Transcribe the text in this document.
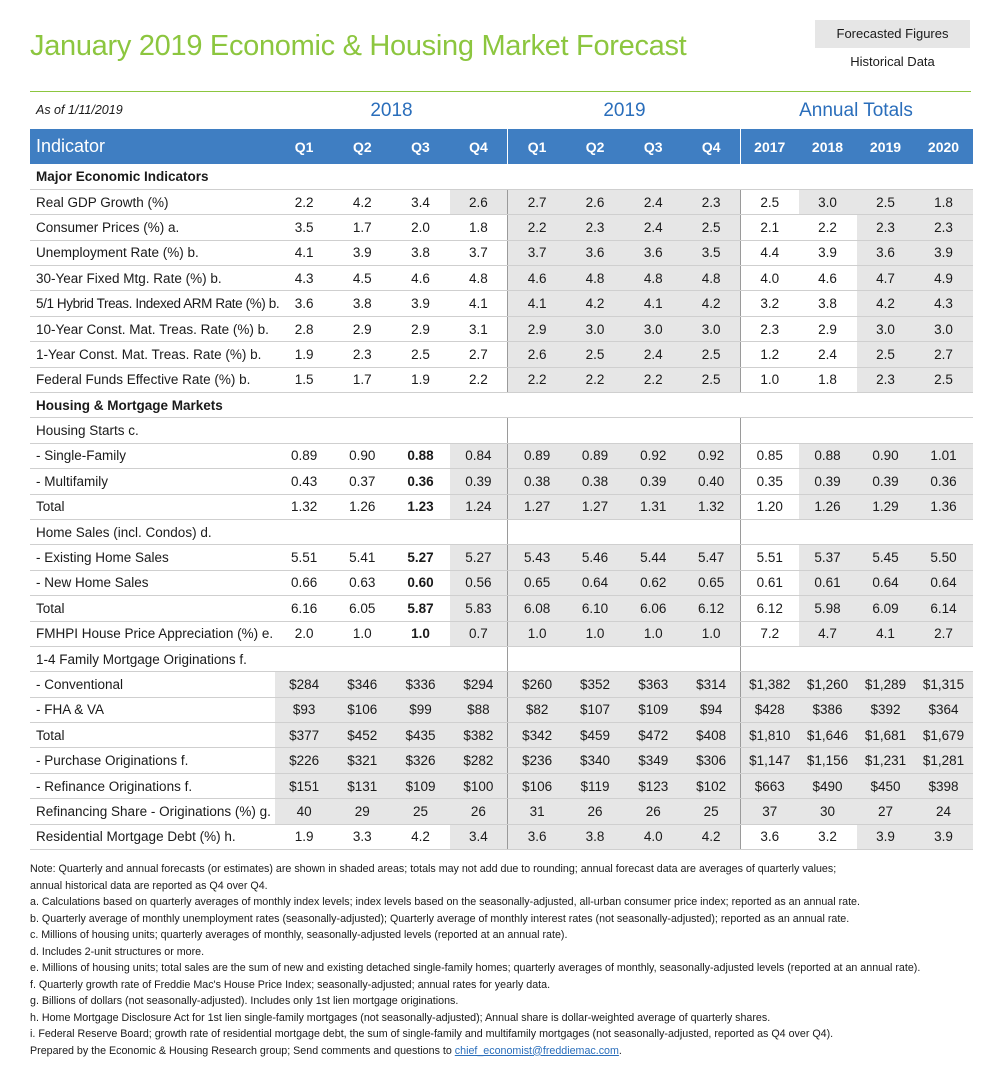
January 2019 Economic & Housing Market Forecast	Forecasted Figures
Historical Data
As of 1/11/2019	2018	2019	Annual Totals
Indicator	Q1	Q2	Q3	Q4	Q1	Q2	Q3	Q4	2017	2018	2019	2020
Major Economic Indicators												
Real GDP Growth (%)	2.2	4.2	3.4	2.6	2.7	2.6	2.4	2.3	2.5	3.0	2.5	1.8
Consumer Prices (%) a.	3.5	1.7	2.0	1.8	2.2	2.3	2.4	2.5	2.1	2.2	2.3	2.3
Unemployment Rate (%) b.	4.1	3.9	3.8	3.7	3.7	3.6	3.6	3.5	4.4	3.9	3.6	3.9
30-Year Fixed Mtg. Rate (%) b.	4.3	4.5	4.6	4.8	4.6	4.8	4.8	4.8	4.0	4.6	4.7	4.9
5/1 Hybrid Treas. Indexed ARM Rate (%) b.	3.6	3.8	3.9	4.1	4.1	4.2	4.1	4.2	3.2	3.8	4.2	4.3
10-Year Const. Mat. Treas. Rate (%) b.	2.8	2.9	2.9	3.1	2.9	3.0	3.0	3.0	2.3	2.9	3.0	3.0
1-Year Const. Mat. Treas. Rate (%) b.	1.9	2.3	2.5	2.7	2.6	2.5	2.4	2.5	1.2	2.4	2.5	2.7
Federal Funds Effective Rate (%) b.	1.5	1.7	1.9	2.2	2.2	2.2	2.2	2.5	1.0	1.8	2.3	2.5
Housing & Mortgage Markets												
Housing Starts c.												
- Single-Family	0.89	0.90	0.88	0.84	0.89	0.89	0.92	0.92	0.85	0.88	0.90	1.01
- Multifamily	0.43	0.37	0.36	0.39	0.38	0.38	0.39	0.40	0.35	0.39	0.39	0.36
Total	1.32	1.26	1.23	1.24	1.27	1.27	1.31	1.32	1.20	1.26	1.29	1.36
Home Sales (incl. Condos) d.												
- Existing Home Sales	5.51	5.41	5.27	5.27	5.43	5.46	5.44	5.47	5.51	5.37	5.45	5.50
- New Home Sales	0.66	0.63	0.60	0.56	0.65	0.64	0.62	0.65	0.61	0.61	0.64	0.64
Total	6.16	6.05	5.87	5.83	6.08	6.10	6.06	6.12	6.12	5.98	6.09	6.14
FMHPI House Price Appreciation (%) e.	2.0	1.0	1.0	0.7	1.0	1.0	1.0	1.0	7.2	4.7	4.1	2.7
1-4 Family Mortgage Originations f.												
- Conventional	$284	$346	$336	$294	$260	$352	$363	$314	$1,382	$1,260	$1,289	$1,315
- FHA & VA	$93	$106	$99	$88	$82	$107	$109	$94	$428	$386	$392	$364
Total	$377	$452	$435	$382	$342	$459	$472	$408	$1,810	$1,646	$1,681	$1,679
- Purchase Originations f.	$226	$321	$326	$282	$236	$340	$349	$306	$1,147	$1,156	$1,231	$1,281
- Refinance Originations f.	$151	$131	$109	$100	$106	$119	$123	$102	$663	$490	$450	$398
Refinancing Share - Originations (%) g.	40	29	25	26	31	26	26	25	37	30	27	24
Residential Mortgage Debt (%) h.	1.9	3.3	4.2	3.4	3.6	3.8	4.0	4.2	3.6	3.2	3.9	3.9
Note: Quarterly and annual forecasts (or estimates) are shown in shaded areas; totals may not add due to rounding; annual forecast data are averages of quarterly values;
annual historical data are reported as Q4 over Q4.
a. Calculations based on quarterly averages of monthly index levels; index levels based on the seasonally-adjusted, all-urban consumer price index; reported as an annual rate.
b. Quarterly average of monthly unemployment rates (seasonally-adjusted); Quarterly average of monthly interest rates (not seasonally-adjusted); reported as an annual rate.
c. Millions of housing units; quarterly averages of monthly, seasonally-adjusted levels (reported at an annual rate).
d. Includes 2-unit structures or more.
e. Millions of housing units; total sales are the sum of new and existing detached single-family homes; quarterly averages of monthly, seasonally-adjusted levels (reported at an annual rate).
f. Quarterly growth rate of Freddie Mac's House Price Index; seasonally-adjusted; annual rates for yearly data.
g. Billions of dollars (not seasonally-adjusted). Includes only 1st lien mortgage originations.
h. Home Mortgage Disclosure Act for 1st lien single-family mortgages (not seasonally-adjusted); Annual share is dollar-weighted average of quarterly shares.
i. Federal Reserve Board; growth rate of residential mortgage debt, the sum of single-family and multifamily mortgages (not seasonally-adjusted, reported as Q4 over Q4).
Prepared by the Economic & Housing Research group; Send comments and questions to chief_economist@freddiemac.com.
